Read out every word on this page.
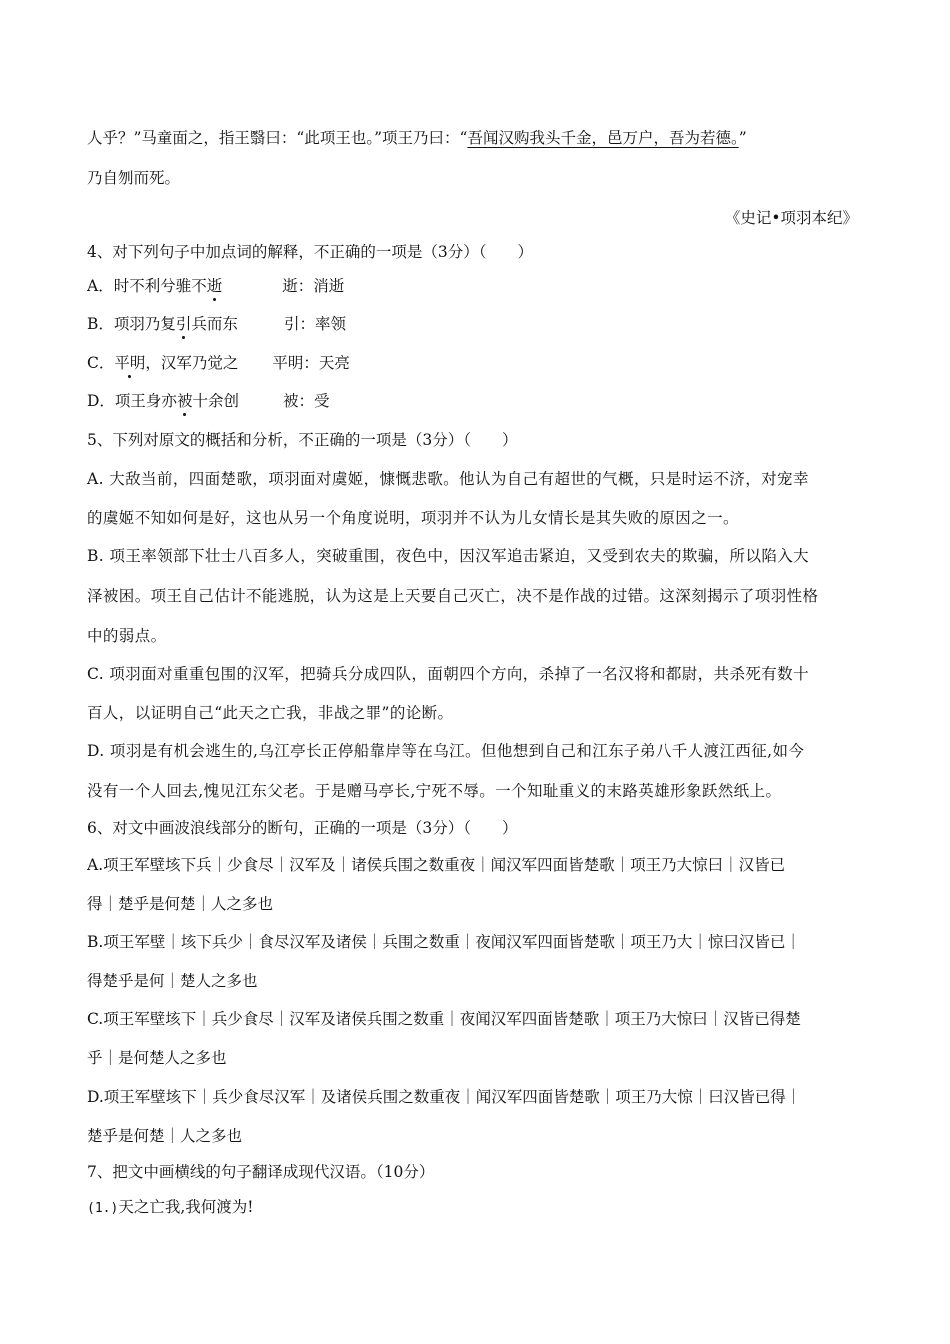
人乎？”马童面之，指王翳曰：“此项王也。”项王乃曰：“吾闻汉购我头千金，邑万户，吾为若德。”
乃自刎而死。
《史记•项羽本纪》
4、对下列句子中加点词的解释，不正确的一项是（3分）（　　）
A．时不利兮骓不逝	逝：消逝
B．项羽乃复引兵而东	引：率领
C．平明，汉军乃觉之 平明：天亮
D．项王身亦被十余创	被：受
5、下列对原文的概括和分析，不正确的一项是（3分）（　　）
A. 大敌当前，四面楚歌，项羽面对虞姬，慷慨悲歌。他认为自己有超世的气概，只是时运不济，对宠幸
的虞姬不知如何是好，这也从另一个角度说明，项羽并不认为儿女情长是其失败的原因之一。
B. 项王率领部下壮士八百多人，突破重围，夜色中，因汉军追击紧迫，又受到农夫的欺骗，所以陷入大
泽被困。项王自己估计不能逃脱，认为这是上天要自己灭亡，决不是作战的过错。这深刻揭示了项羽性格
中的弱点。
C. 项羽面对重重包围的汉军，把骑兵分成四队，面朝四个方向，杀掉了一名汉将和都尉，共杀死有数十
百人，以证明自己“此天之亡我，非战之罪”的论断。
D. 项羽是有机会逃生的,乌江亭长正停船靠岸等在乌江。但他想到自己和江东子弟八千人渡江西征,如今
没有一个人回去,愧见江东父老。于是赠马亭长,宁死不辱。一个知耻重义的末路英雄形象跃然纸上。
6、对文中画波浪线部分的断句，正确的一项是（3分）（　　）
A.项王军壁垓下兵｜少食尽｜汉军及｜诸侯兵围之数重夜｜闻汉军四面皆楚歌｜项王乃大惊曰｜汉皆已
得｜楚乎是何楚｜人之多也
B.项王军壁｜垓下兵少｜食尽汉军及诸侯｜兵围之数重｜夜闻汉军四面皆楚歌｜项王乃大｜惊曰汉皆已｜
得楚乎是何｜楚人之多也
C.项王军壁垓下｜兵少食尽｜汉军及诸侯兵围之数重｜夜闻汉军四面皆楚歌｜项王乃大惊曰｜汉皆已得楚
乎｜是何楚人之多也
D.项王军壁垓下｜兵少食尽汉军｜及诸侯兵围之数重夜｜闻汉军四面皆楚歌｜项王乃大惊｜曰汉皆已得｜
楚乎是何楚｜人之多也
7、把文中画横线的句子翻译成现代汉语。（10分）
(1.)天之亡我,我何渡为!
